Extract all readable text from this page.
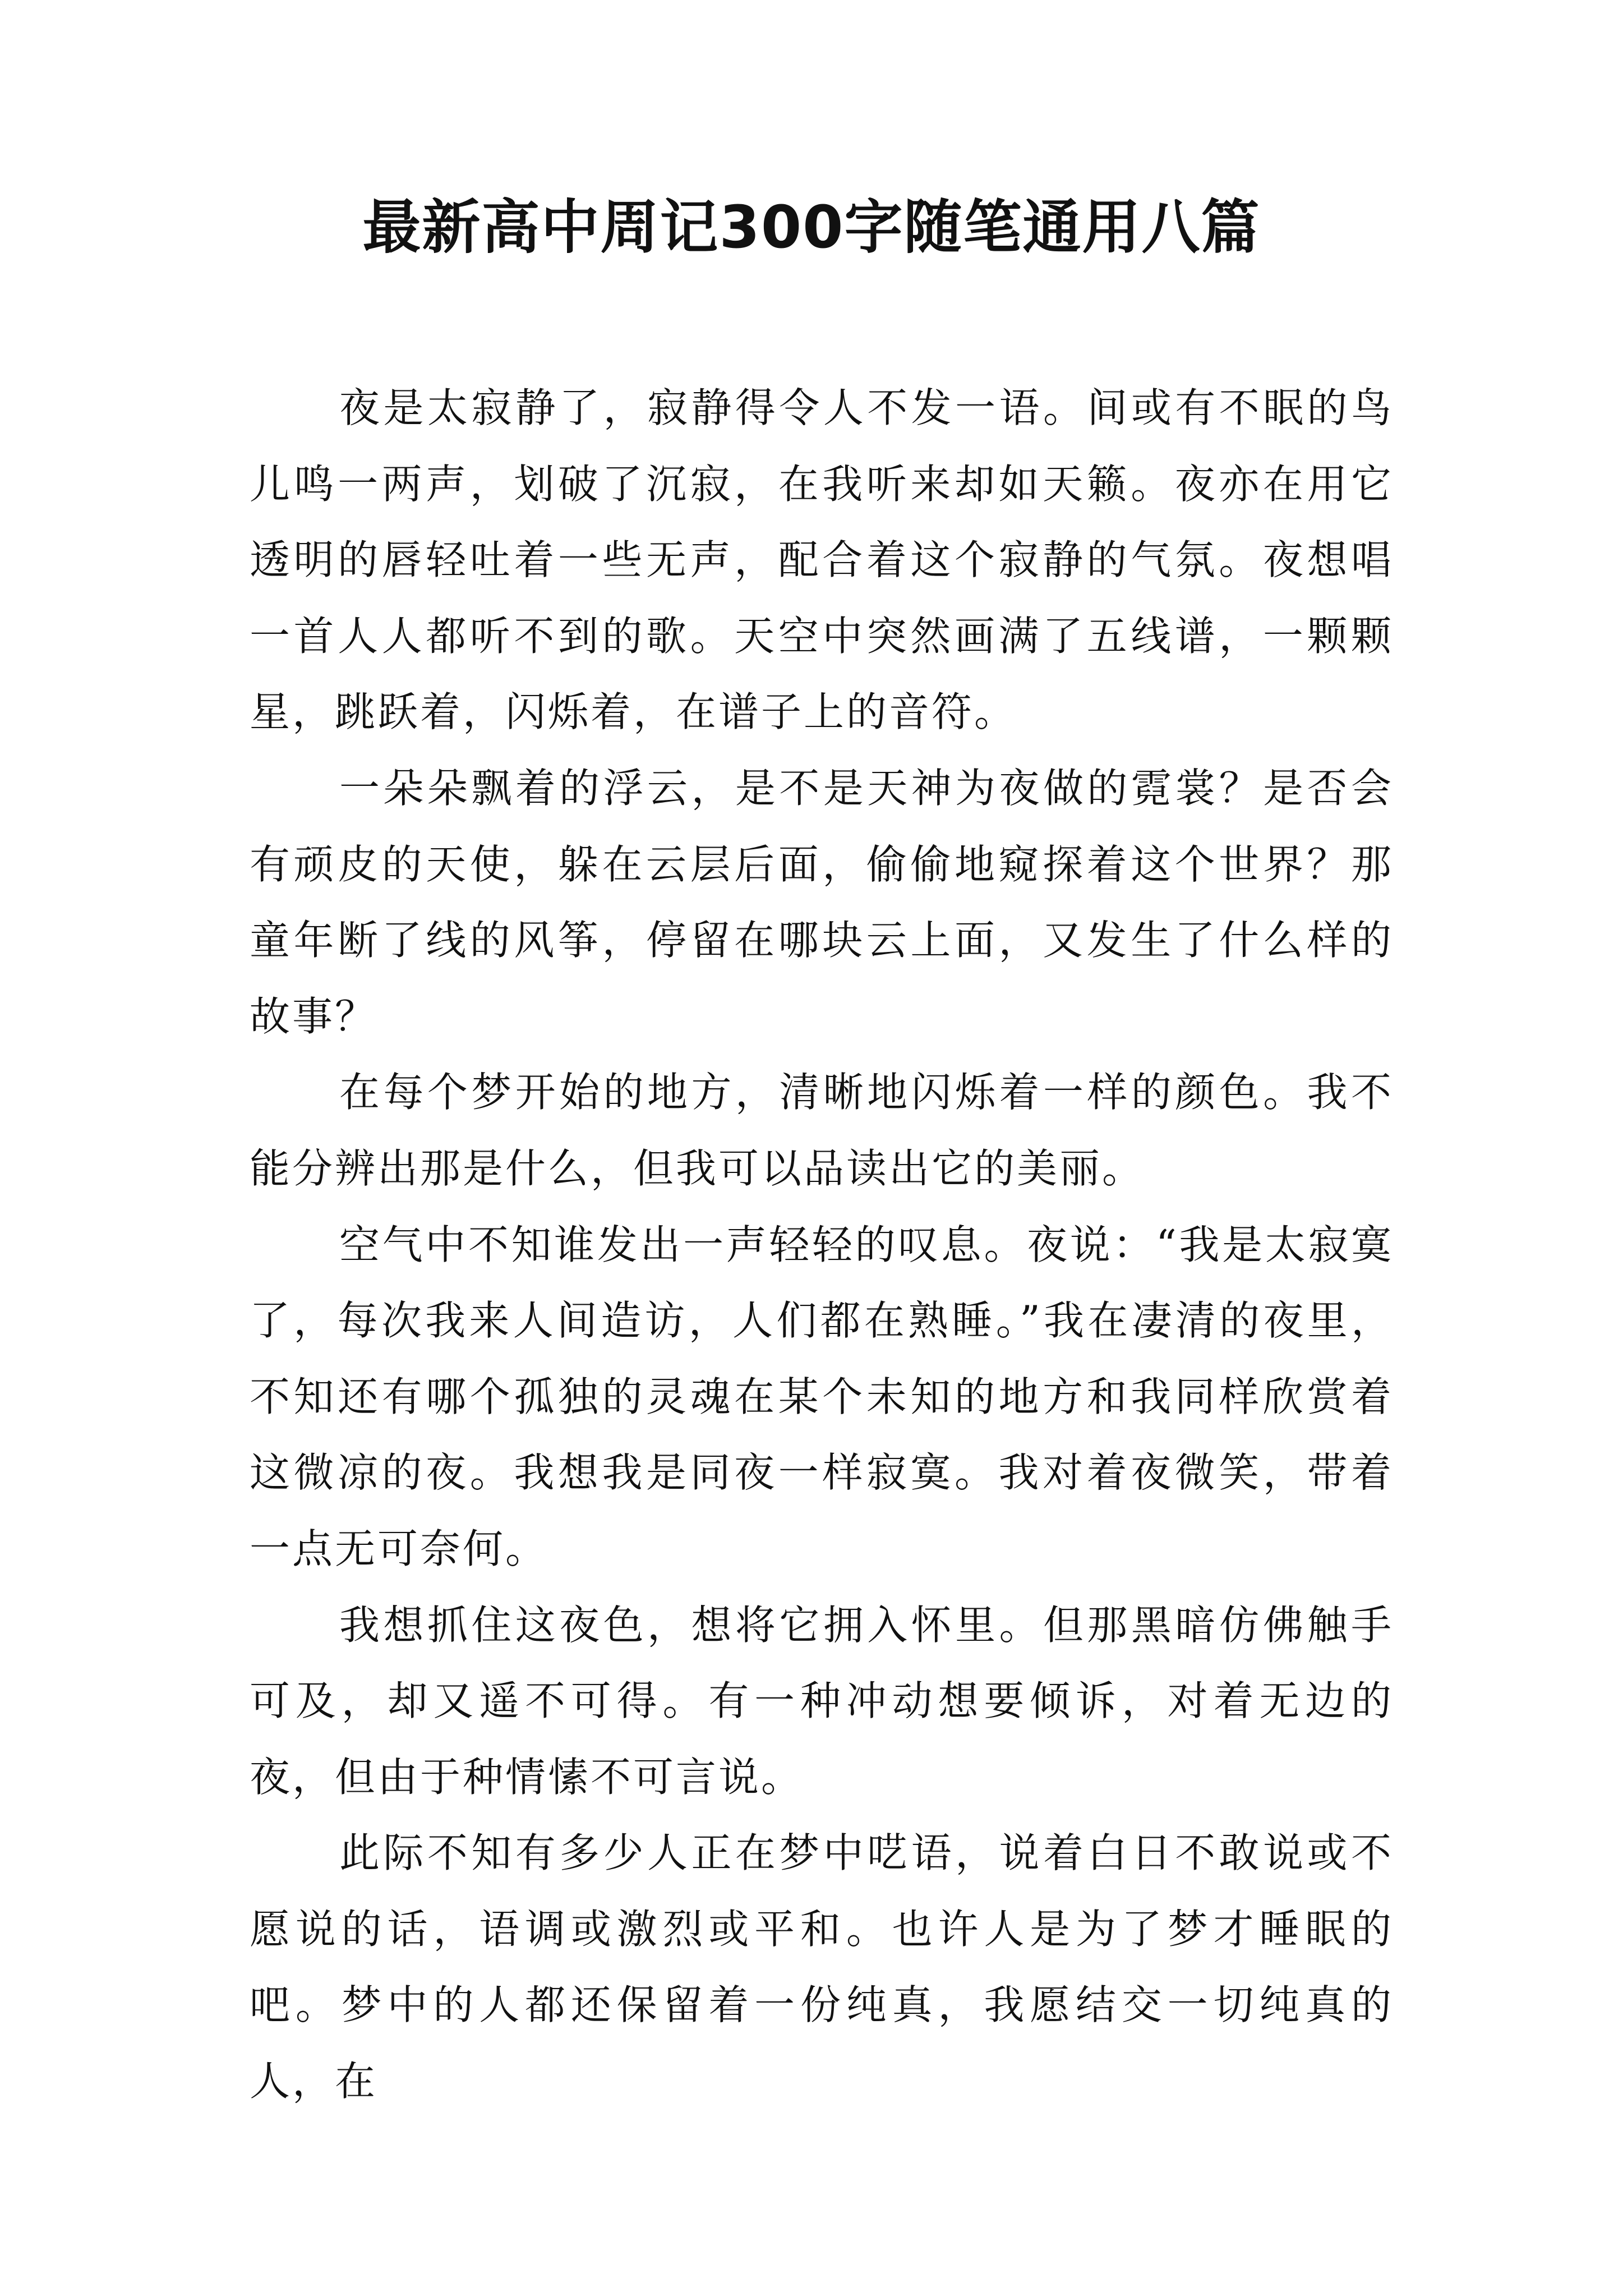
最新高中周记300字随笔通用八篇

夜是太寂静了，寂静得令人不发一语。间或有不眠的鸟儿鸣一两声，划破了沉寂，在我听来却如天籁。夜亦在用它透明的唇轻吐着一些无声，配合着这个寂静的气氛。夜想唱一首人人都听不到的歌。天空中突然画满了五线谱，一颗颗星，跳跃着，闪烁着，在谱子上的音符。

一朵朵飘着的浮云，是不是天神为夜做的霓裳？是否会有顽皮的天使，躲在云层后面，偷偷地窥探着这个世界？那童年断了线的风筝，停留在哪块云上面，又发生了什么样的故事？

在每个梦开始的地方，清晰地闪烁着一样的颜色。我不能分辨出那是什么，但我可以品读出它的美丽。

空气中不知谁发出一声轻轻的叹息。夜说：“我是太寂寞了，每次我来人间造访，人们都在熟睡。”我在凄清的夜里，不知还有哪个孤独的灵魂在某个未知的地方和我同样欣赏着这微凉的夜。我想我是同夜一样寂寞。我对着夜微笑，带着一点无可奈何。

我想抓住这夜色，想将它拥入怀里。但那黑暗仿佛触手可及，却又遥不可得。有一种冲动想要倾诉，对着无边的夜，但由于种情愫不可言说。

此际不知有多少人正在梦中呓语，说着白日不敢说或不愿说的话，语调或激烈或平和。也许人是为了梦才睡眠的吧。梦中的人都还保留着一份纯真，我愿结交一切纯真的人，在
